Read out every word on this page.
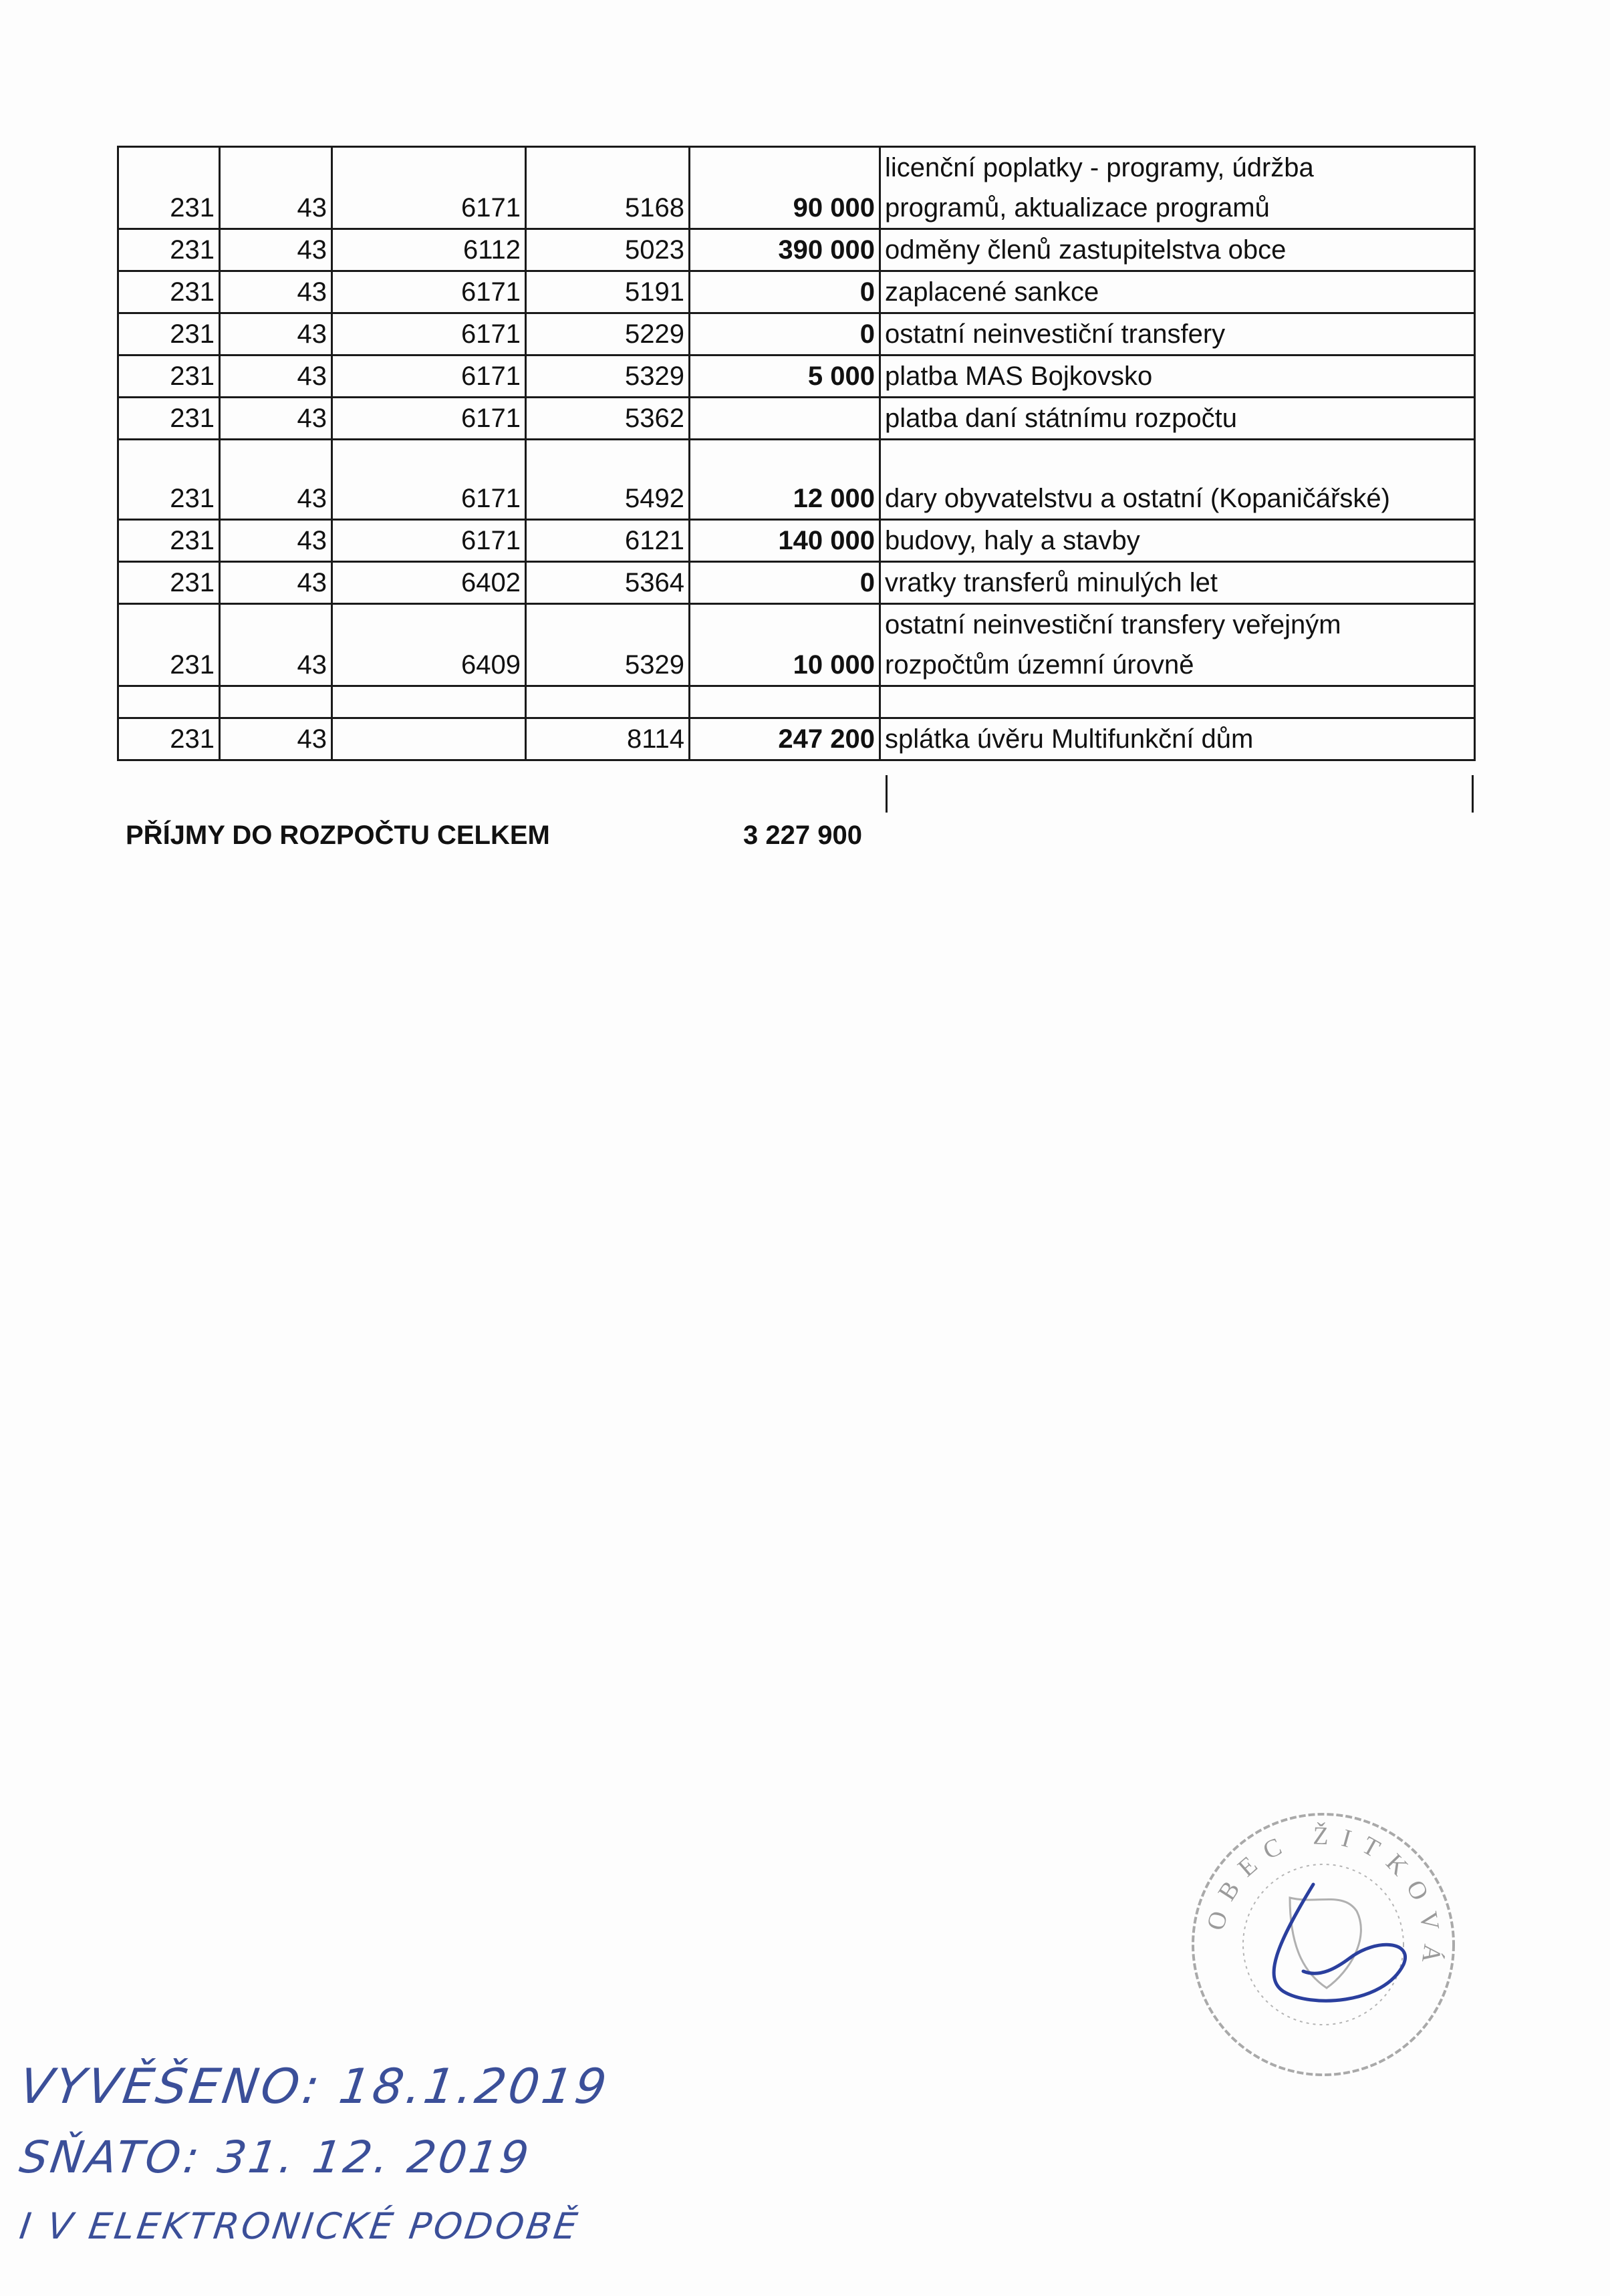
231	43	6171	5168	90 000	licenční poplatky - programy, údržba
programů, aktualizace programů

231	43	6112	5023	390 000	odměny členů zastupitelstva obce

231	43	6171	5191	0	zaplacené sankce

231	43	6171	5229	0	ostatní neinvestiční transfery

231	43	6171	5329	5 000	platba MAS Bojkovsko

231	43	6171	5362		platba daní státnímu rozpočtu

231	43	6171	5492	12 000	dary obyvatelstvu a ostatní (Kopaničářské)

231	43	6171	6121	140 000	budovy, haly a stavby

231	43	6402	5364	0	vratky transferů minulých let

231	43	6409	5329	10 000	ostatní neinvestiční transfery veřejným
rozpočtům územní úrovně

231	43		8114	247 200	splátka úvěru Multifunkční dům
PŘÍJMY DO ROZPOČTU CELKEM	3 227 900
VYVĚŠENO: 18.1.2019
SŇATO: 31. 12. 2019
I V ELEKTRONICKÉ PODOBĚ
OBEC ŽITKOVÁ
